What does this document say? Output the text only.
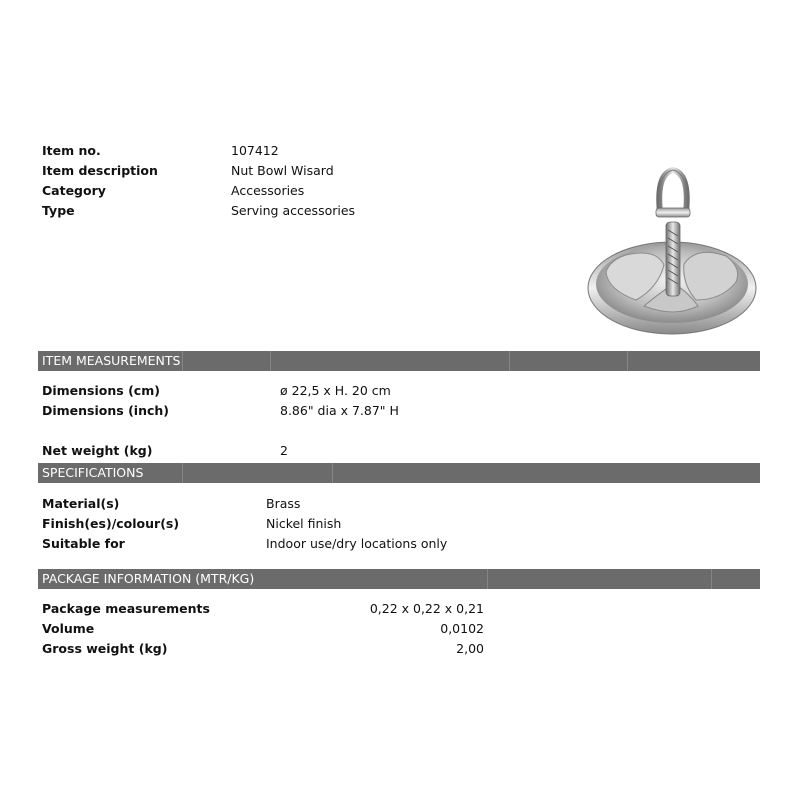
Item no.	107412
Item description	Nut Bowl Wisard
Category	Accessories
Type	Serving accessories
ITEM MEASUREMENTS
Dimensions (cm)	ø 22,5 x H. 20 cm
Dimensions (inch)	8.86" dia x 7.87" H
Net weight (kg)	2
SPECIFICATIONS
Material(s)	Brass
Finish(es)/colour(s)	Nickel finish
Suitable for	Indoor use/dry locations only
PACKAGE INFORMATION (MTR/KG)
Package measurements	0,22 x 0,22 x 0,21
Volume	0,0102
Gross weight (kg)	2,00
